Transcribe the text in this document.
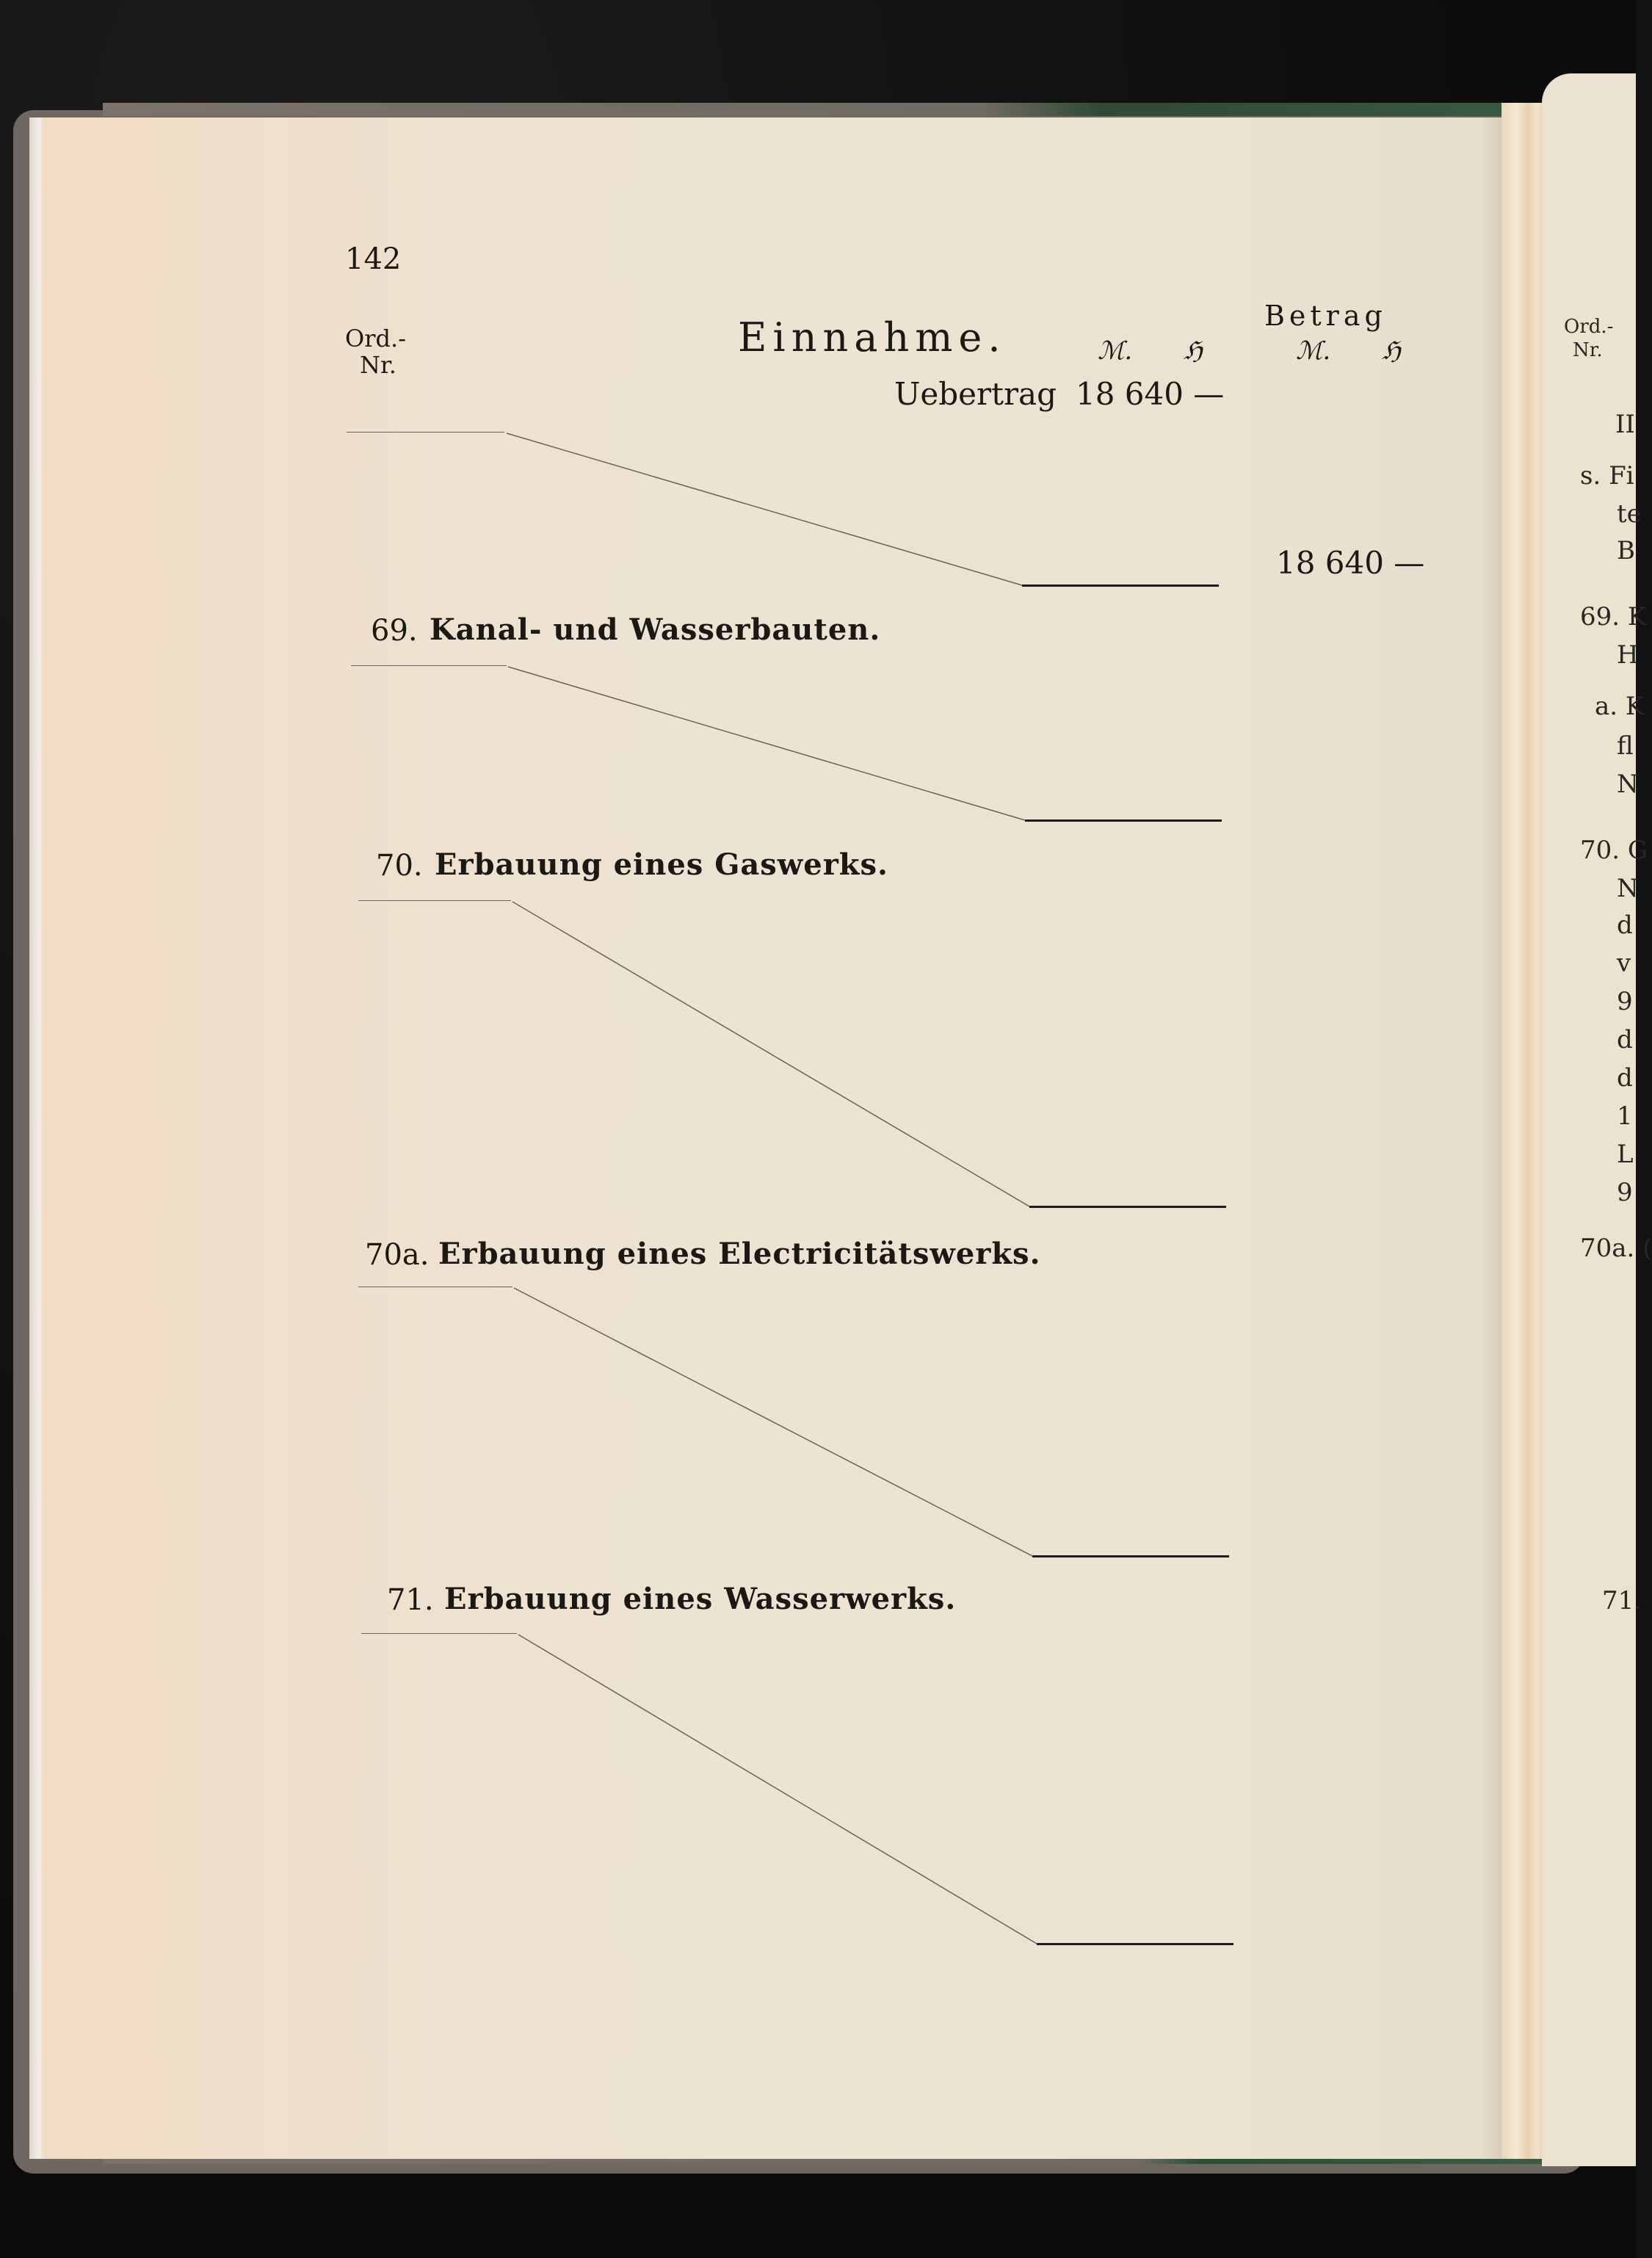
Ord.-
Nr.
II
s. Fi
te
B
69. K
H
a. K
fl
N
70. G
N
d
v
9
d
d
1
L
9
70a. (
71.
142
Ord.-
Nr.
Einnahme.	ℳ. ℌ
Betrag
ℳ. ℌ
Uebertrag 18 640 —
18 640 —
69. Kanal- und Wasserbauten.
70. Erbauung eines Gaswerks.
70a. Erbauung eines Electricitätswerks.
71. Erbauung eines Wasserwerks.
